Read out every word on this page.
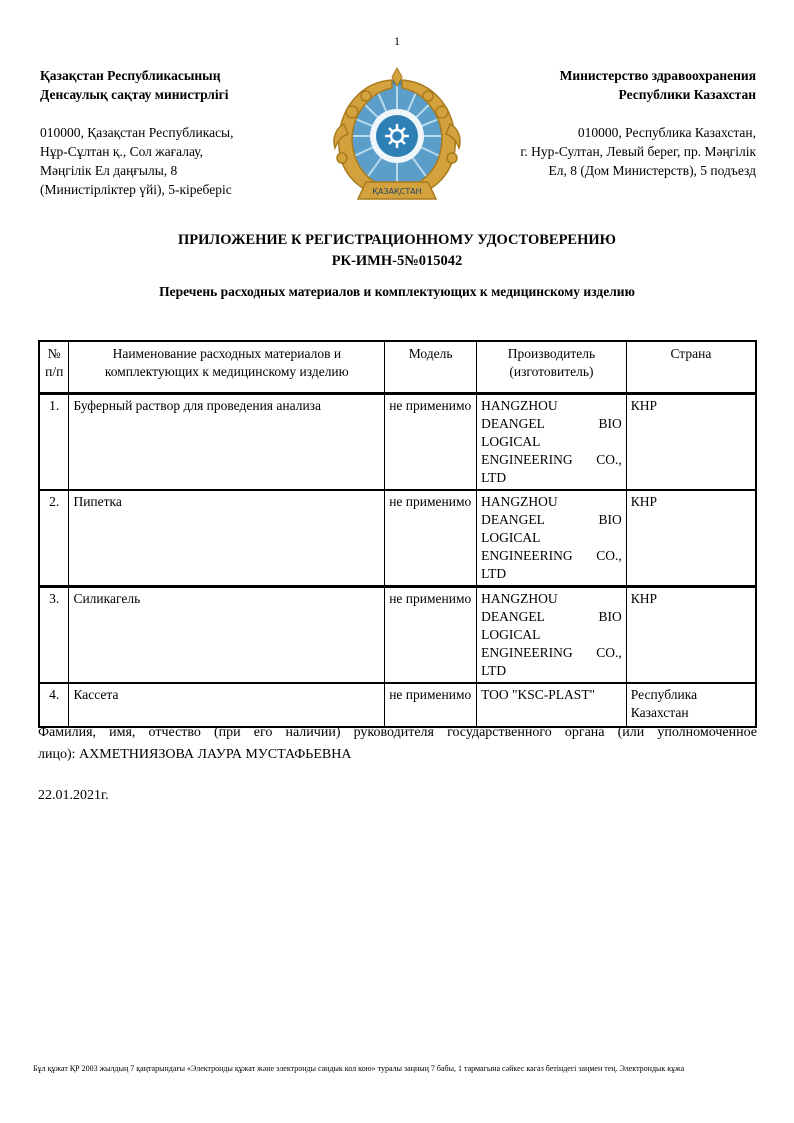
1
Қазақстан Республикасының
Денсаулық сақтау министрлігі
010000, Қазақстан Республикасы,
Нұр-Сұлтан қ., Сол жағалау,
Мәңгілік Ел даңғылы, 8
(Министірліктер үйі), 5-кіреберіс	ҚАЗАҚСТАН
Министерство здравоохранения
Республики Казахстан
010000, Республика Казахстан,
г. Нур-Султан, Левый берег, пр. Мәңгілік
Ел, 8 (Дом Министерств), 5 подъезд
ПРИЛОЖЕНИЕ К РЕГИСТРАЦИОННОМУ УДОСТОВЕРЕНИЮ
РК-ИМН-5№015042
Перечень расходных материалов и комплектующих к медицинскому изделию
№ п/п	Наименование расходных материалов и комплектующих к медицинскому изделию	Модель	Производитель (изготовитель)	Страна
1.	Буферный раствор для проведения анализа	не применимо	HANGZHOU DEANGEL BIO LOGICAL ENGINEERING CO., LTD	КНР
2.	Пипетка	не применимо	HANGZHOU DEANGEL BIO LOGICAL ENGINEERING CO., LTD	КНР
3.	Силикагель	не применимо	HANGZHOU DEANGEL BIO LOGICAL ENGINEERING CO., LTD	КНР
4.	Кассета	не применимо	ТОО "KSC-PLAST"	Республика Казахстан
Фамилия, имя, отчество (при его наличии) руководителя государственного органа (или уполномоченное
лицо): АХМЕТНИЯЗОВА ЛАУРА МУСТАФЬЕВНА
22.01.2021г.
Бұл құжат ҚР 2003 жылдың 7 қаңтарындағы «Электронды құжат және электронды сандык кол кою» туралы заңның 7 бабы, 1 тармагына сәйкес кагаз бетіндегі заңмен тең. Электрондык кұжа
